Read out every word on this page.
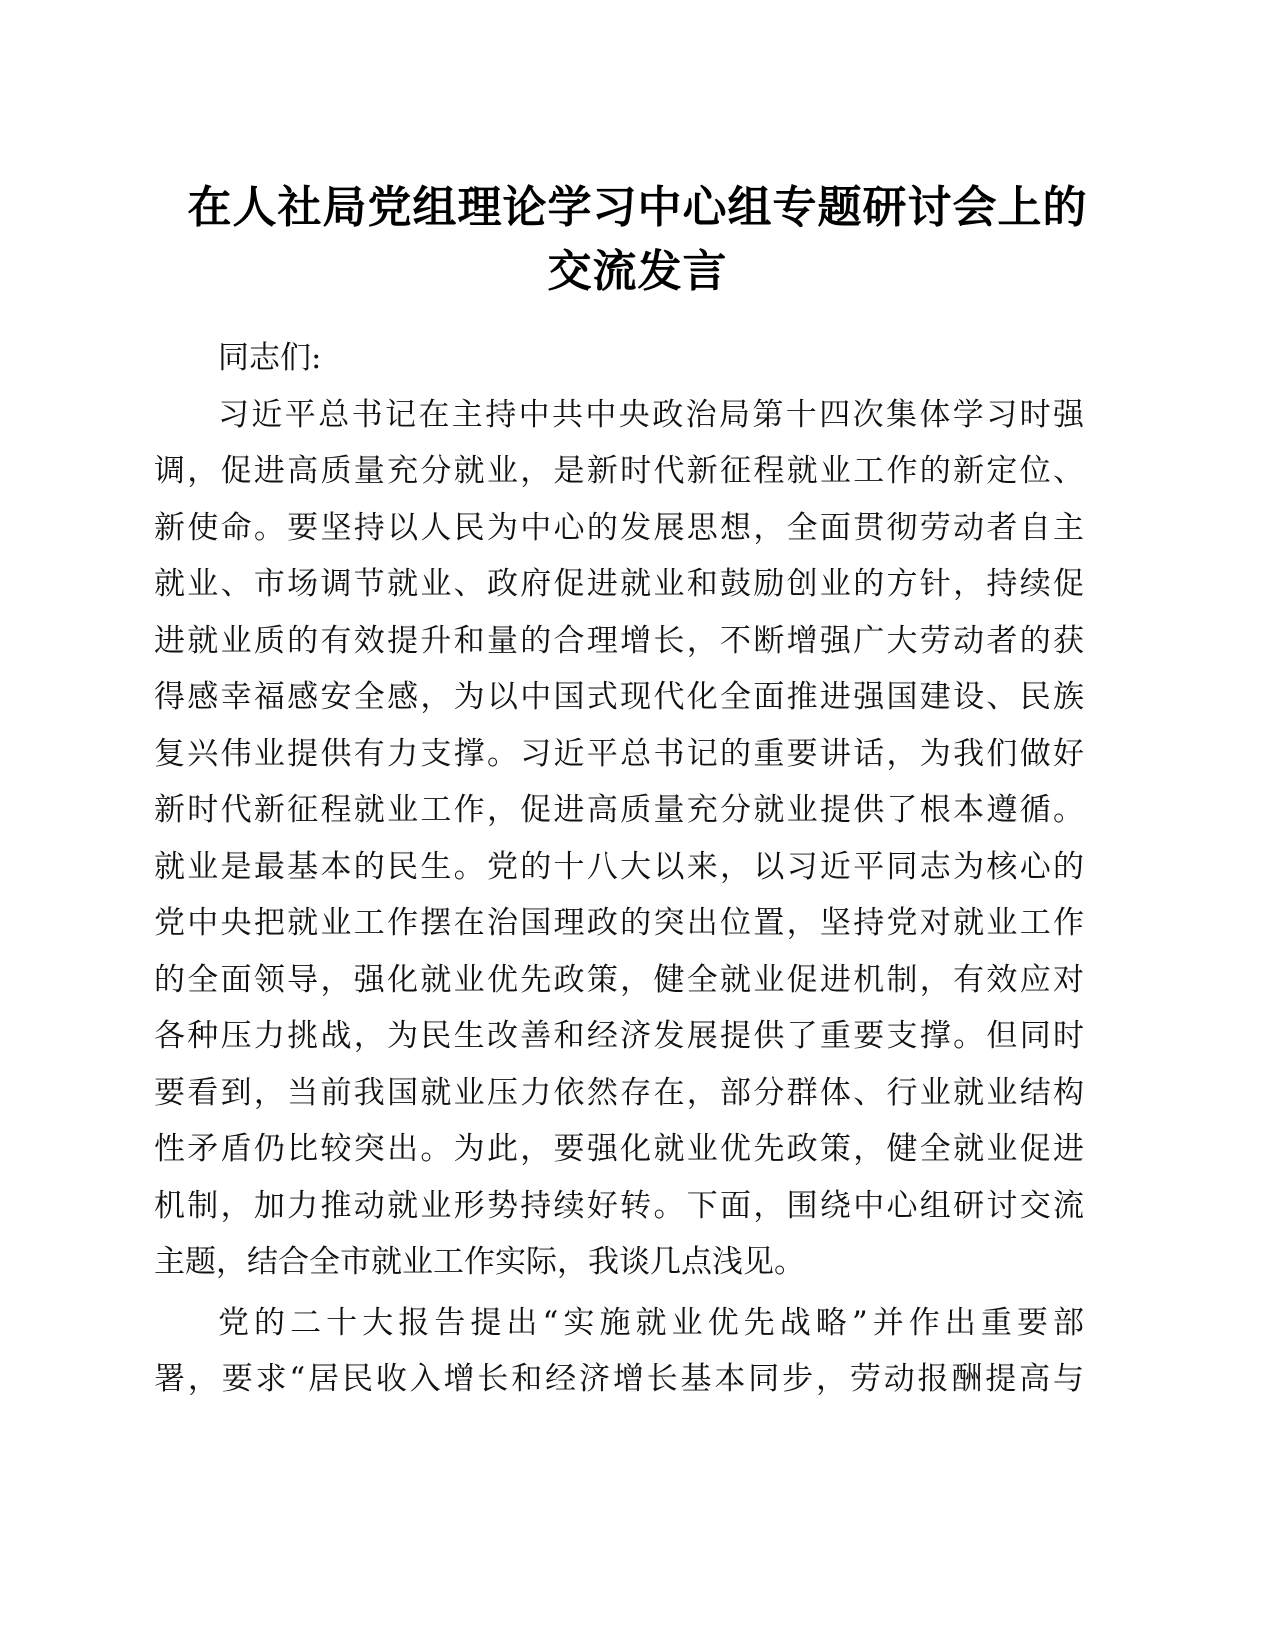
在人社局党组理论学习中心组专题研讨会上的
交流发言
同志们:
习近平总书记在主持中共中央政治局第十四次集体学习时强
调，促进高质量充分就业，是新时代新征程就业工作的新定位、
新使命。要坚持以人民为中心的发展思想，全面贯彻劳动者自主
就业、市场调节就业、政府促进就业和鼓励创业的方针，持续促
进就业质的有效提升和量的合理增长，不断增强广大劳动者的获
得感幸福感安全感，为以中国式现代化全面推进强国建设、民族
复兴伟业提供有力支撑。习近平总书记的重要讲话，为我们做好
新时代新征程就业工作，促进高质量充分就业提供了根本遵循。
就业是最基本的民生。党的十八大以来，以习近平同志为核心的
党中央把就业工作摆在治国理政的突出位置，坚持党对就业工作
的全面领导，强化就业优先政策，健全就业促进机制，有效应对
各种压力挑战，为民生改善和经济发展提供了重要支撑。但同时
要看到，当前我国就业压力依然存在，部分群体、行业就业结构
性矛盾仍比较突出。为此，要强化就业优先政策，健全就业促进
机制，加力推动就业形势持续好转。下面，围绕中心组研讨交流
主题，结合全市就业工作实际，我谈几点浅见。
党的二十大报告提出“实施就业优先战略”并作出重要部
署，要求“居民收入增长和经济增长基本同步，劳动报酬提高与
